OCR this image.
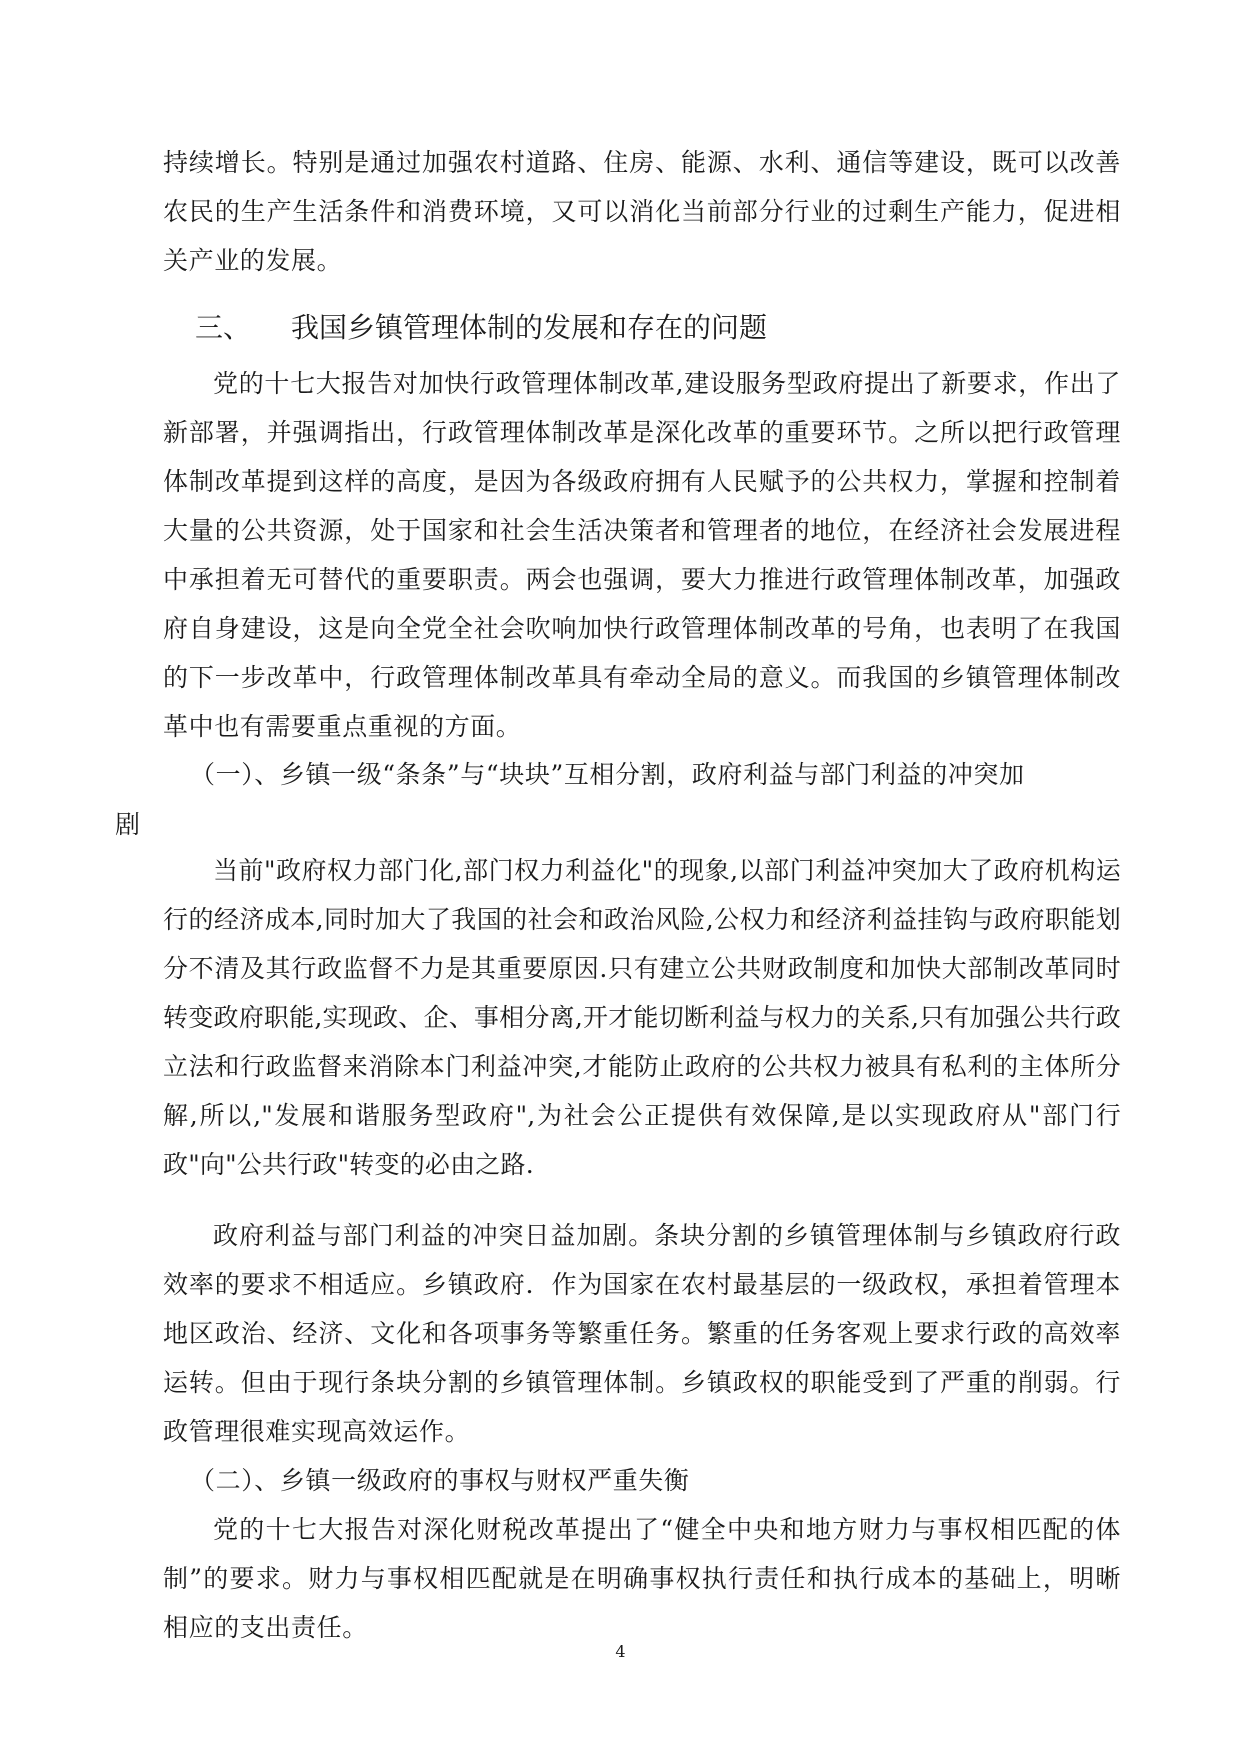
持续增长。特别是通过加强农村道路、住房、能源、水利、通信等建设，既可以改善农民的生产生活条件和消费环境，又可以消化当前部分行业的过剩生产能力，促进相关产业的发展。

三、 我国乡镇管理体制的发展和存在的问题

党的十七大报告对加快行政管理体制改革,建设服务型政府提出了新要求，作出了新部署，并强调指出，行政管理体制改革是深化改革的重要环节。之所以把行政管理体制改革提到这样的高度，是因为各级政府拥有人民赋予的公共权力，掌握和控制着大量的公共资源，处于国家和社会生活决策者和管理者的地位，在经济社会发展进程中承担着无可替代的重要职责。两会也强调，要大力推进行政管理体制改革，加强政府自身建设，这是向全党全社会吹响加快行政管理体制改革的号角，也表明了在我国的下一步改革中，行政管理体制改革具有牵动全局的意义。而我国的乡镇管理体制改革中也有需要重点重视的方面。

（一）、乡镇一级“条条”与“块块”互相分割，政府利益与部门利益的冲突加

剧

当前"政府权力部门化,部门权力利益化"的现象,以部门利益冲突加大了政府机构运行的经济成本,同时加大了我国的社会和政治风险,公权力和经济利益挂钩与政府职能划分不清及其行政监督不力是其重要原因.只有建立公共财政制度和加快大部制改革同时转变政府职能,实现政、企、事相分离,开才能切断利益与权力的关系,只有加强公共行政立法和行政监督来消除本门利益冲突,才能防止政府的公共权力被具有私利的主体所分解,所以,"发展和谐服务型政府",为社会公正提供有效保障,是以实现政府从"部门行政"向"公共行政"转变的必由之路.

政府利益与部门利益的冲突日益加剧。条块分割的乡镇管理体制与乡镇政府行政效率的要求不相适应。乡镇政府．作为国家在农村最基层的一级政权，承担着管理本地区政治、经济、文化和各项事务等繁重任务。繁重的任务客观上要求行政的高效率运转。但由于现行条块分割的乡镇管理体制。乡镇政权的职能受到了严重的削弱。行政管理很难实现高效运作。

（二）、乡镇一级政府的事权与财权严重失衡

党的十七大报告对深化财税改革提出了“健全中央和地方财力与事权相匹配的体制”的要求。财力与事权相匹配就是在明确事权执行责任和执行成本的基础上，明晰相应的支出责任。

4
